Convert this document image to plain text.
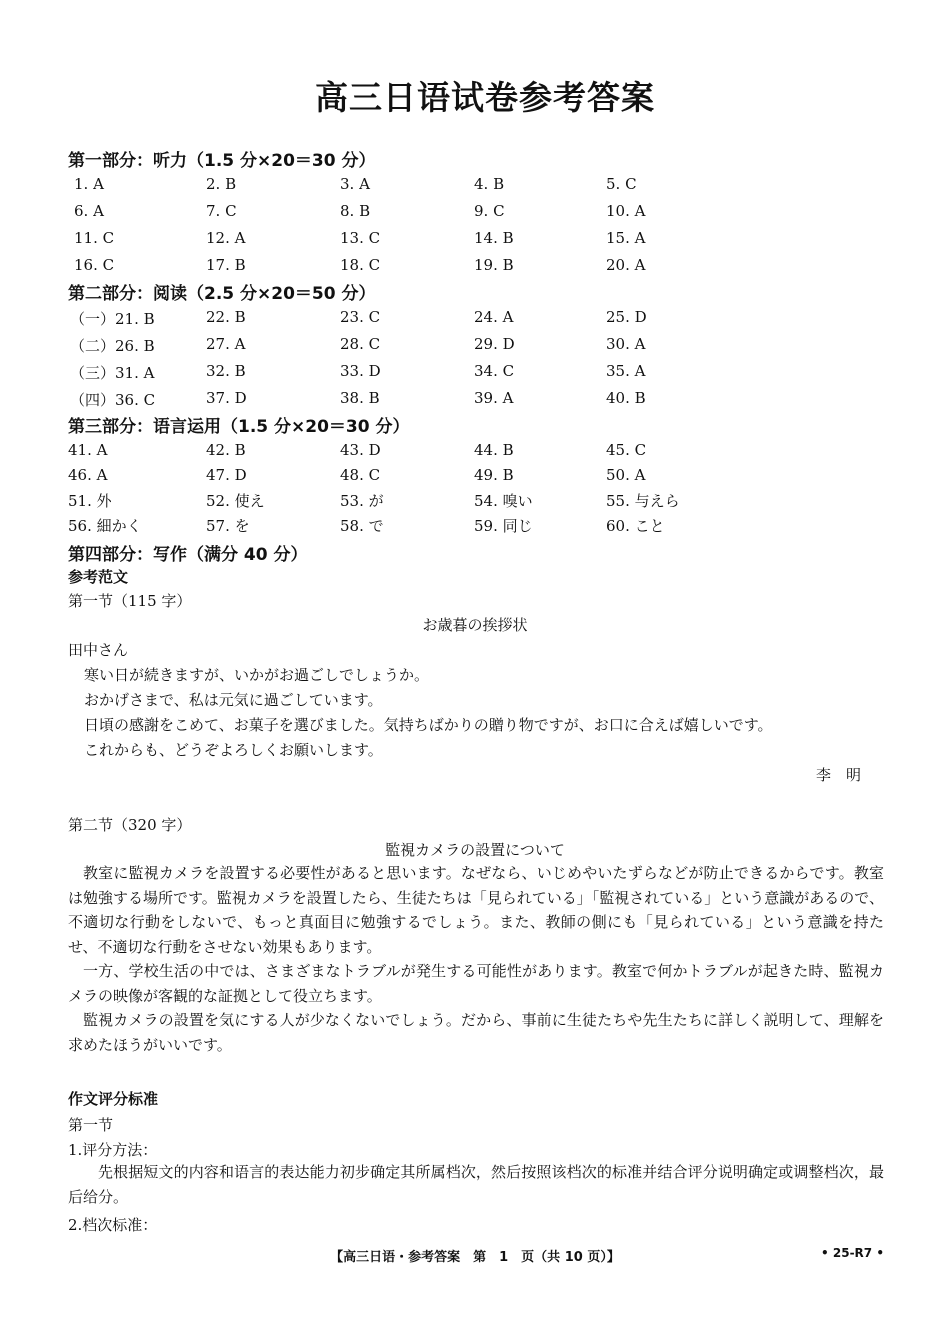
高三日语试卷参考答案
第一部分：听力（1.5 分×20＝30 分）
1. A	2. B	3. A	4. B	5. C
6. A	7. C	8. B	9. C	10. A
11. C	12. A	13. C	14. B	15. A
16. C	17. B	18. C	19. B	20. A
第二部分：阅读（2.5 分×20＝50 分）
（一）21. B	22. B	23. C	24. A	25. D
（二）26. B	27. A	28. C	29. D	30. A
（三）31. A	32. B	33. D	34. C	35. A
（四）36. C	37. D	38. B	39. A	40. B
第三部分：语言运用（1.5 分×20＝30 分）
41. A	42. B	43. D	44. B	45. C
46. A	47. D	48. C	49. B	50. A
51. 外	52. 使え	53. が	54. 嗅い	55. 与えら
56. 細かく	57. を	58. で	59. 同じ	60. こと
第四部分：写作（满分 40 分）
参考范文
第一节（115 字）
お歳暮の挨拶状
田中さん
寒い日が続きますが、いかがお過ごしでしょうか。
おかげさまで、私は元気に過ごしています。
日頃の感謝をこめて、お菓子を選びました。気持ちばかりの贈り物ですが、お口に合えば嬉しいです。
これからも、どうぞよろしくお願いします。
李　明
第二节（320 字）
監視カメラの設置について
教室に監視カメラを設置する必要性があると思います。なぜなら、いじめやいたずらなどが防止できるからです。教室は勉強する場所です。監視カメラを設置したら、生徒たちは「見られている」「監視されている」という意識があるので、不適切な行動をしないで、もっと真面目に勉強するでしょう。また、教師の側にも「見られている」という意識を持たせ、不適切な行動をさせない効果もあります。
一方、学校生活の中では、さまざまなトラブルが発生する可能性があります。教室で何かトラブルが起きた時、監視カメラの映像が客観的な証拠として役立ちます。
監視カメラの設置を気にする人が少なくないでしょう。だから、事前に生徒たちや先生たちに詳しく説明して、理解を求めたほうがいいです。
作文评分标准
第一节
1.评分方法：
先根据短文的内容和语言的表达能力初步确定其所属档次，然后按照该档次的标准并结合评分说明确定或调整档次，最后给分。
2.档次标准：
【高三日语・参考答案　第　1　页（共 10 页）】	• 25-R7 •
